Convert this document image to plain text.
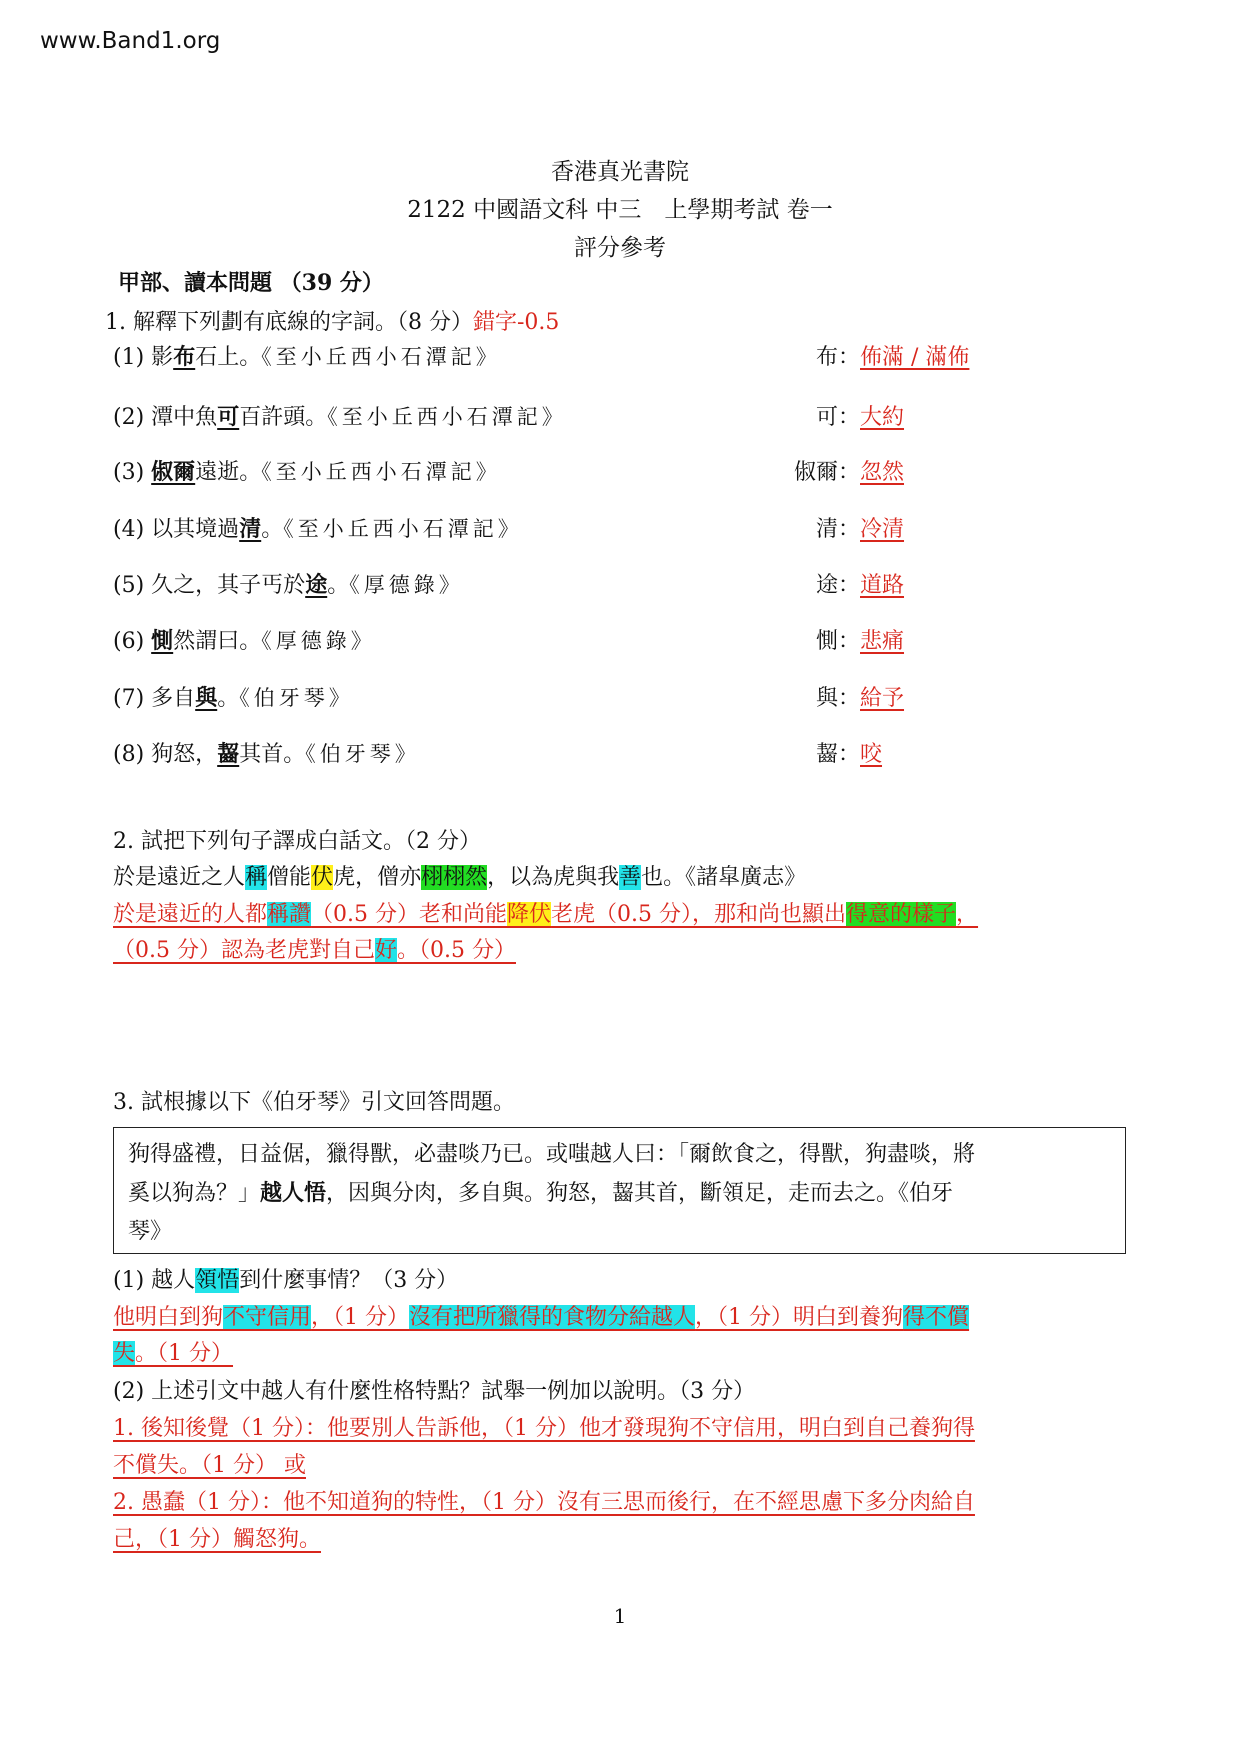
www.Band1.org
香港真光書院
2122 中國語文科 中三　上學期考試 卷一
評分參考
甲部、讀本問題 （39 分）
1. 解釋下列劃有底線的字詞。（8 分）錯字-0.5
(1) 影布石上。《至小丘西小石潭記》	布：佈滿 / 滿佈
(2) 潭中魚可百許頭。《至小丘西小石潭記》	可：大約
(3) 俶爾遠逝。《至小丘西小石潭記》	俶爾：忽然
(4) 以其境過清。《至小丘西小石潭記》	清：冷清
(5) 久之，其子丐於途。《厚德錄》	途：道路
(6) 惻然謂曰。《厚德錄》	惻：悲痛
(7) 多自與。《伯牙琴》	與：給予
(8) 狗怒，齧其首。《伯牙琴》	齧：咬
2. 試把下列句子譯成白話文。（2 分）
於是遠近之人稱僧能伏虎，僧亦栩栩然，以為虎與我善也。《諸皐廣志》
於是遠近的人都稱讚（0.5 分）老和尚能降伏老虎（0.5 分），那和尚也顯出得意的樣子，
（0.5 分）認為老虎對自己好。（0.5 分）
3. 試根據以下《伯牙琴》引文回答問題。
狗得盛禮，日益倨，獵得獸，必盡啖乃已。或嗤越人曰：「爾飲食之，得獸，狗盡啖，將
奚以狗為？」越人悟，因與分肉，多自與。狗怒，齧其首，斷領足，走而去之。《伯牙
琴》
(1) 越人領悟到什麼事情？（3 分）
他明白到狗不守信用，（1 分）沒有把所獵得的食物分給越人，（1 分）明白到養狗得不償
失。（1 分）
(2) 上述引文中越人有什麼性格特點？試舉一例加以說明。（3 分）
1. 後知後覺（1 分）：他要別人告訴他，（1 分）他才發現狗不守信用，明白到自己養狗得
不償失。（1 分） 或
2. 愚蠢（1 分）：他不知道狗的特性，（1 分）沒有三思而後行，在不經思慮下多分肉給自
己，（1 分）觸怒狗。
1
